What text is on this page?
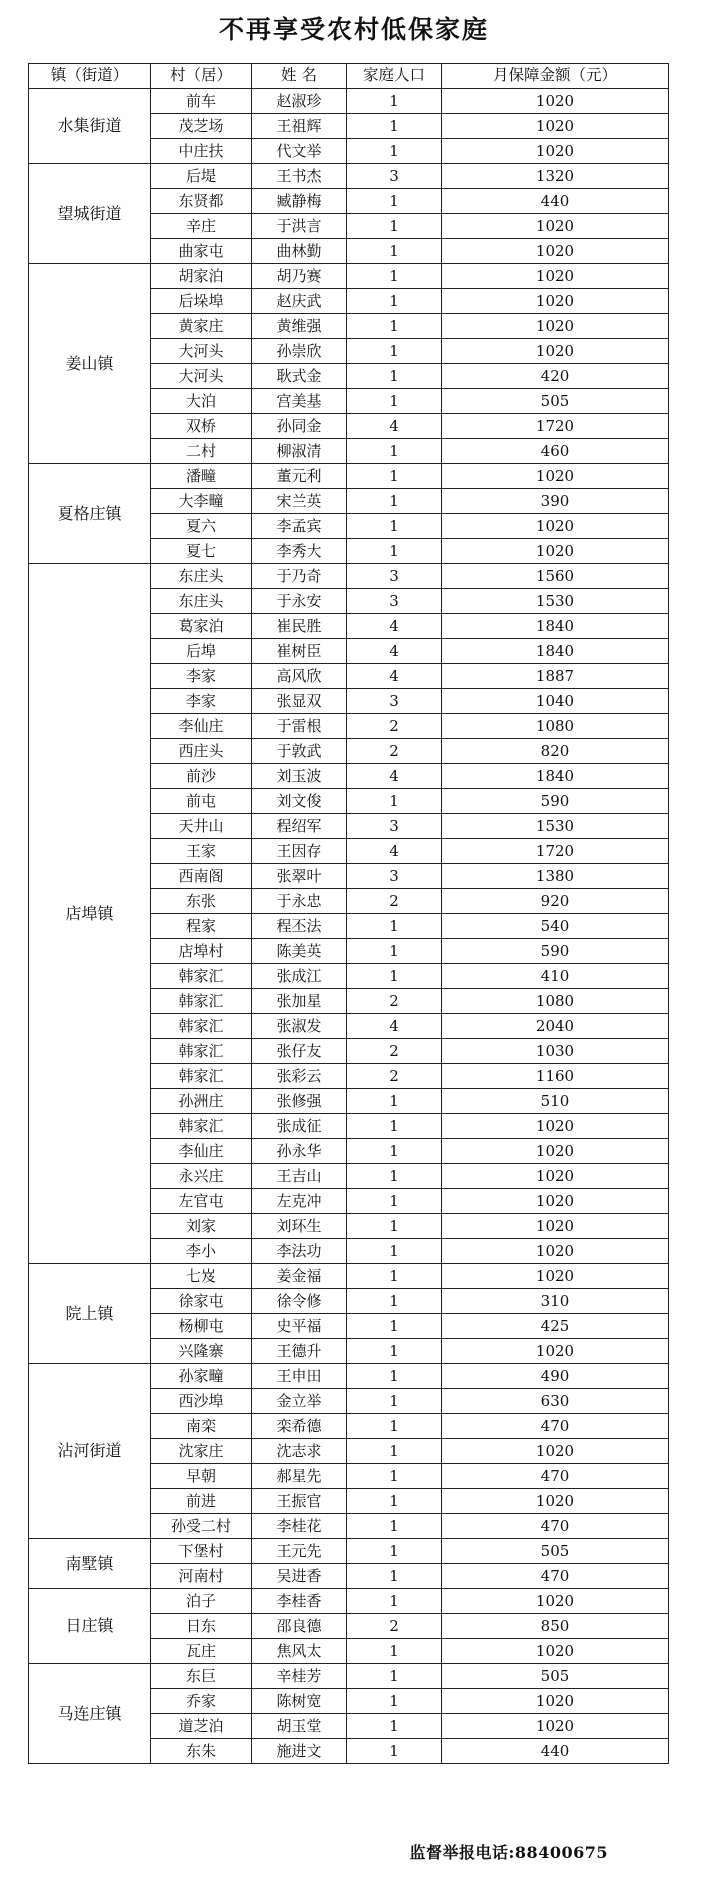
不再享受农村低保家庭
镇（街道）	村（居）	姓 名	家庭人口	月保障金额（元）
水集街道	前车	赵淑珍	1	1020
	茂芝场	王祖辉	1	1020
	中庄扶	代文举	1	1020
望城街道	后堤	王书杰	3	1320
	东贤都	臧静梅	1	440
	辛庄	于洪言	1	1020
	曲家屯	曲林勤	1	1020
姜山镇	胡家泊	胡乃赛	1	1020
	后垛埠	赵庆武	1	1020
	黄家庄	黄维强	1	1020
	大河头	孙崇欣	1	1020
	大河头	耿式金	1	420
	大泊	宫美基	1	505
	双桥	孙同金	4	1720
	二村	柳淑清	1	460
夏格庄镇	潘疃	董元利	1	1020
	大李疃	宋兰英	1	390
	夏六	李孟宾	1	1020
	夏七	李秀大	1	1020
店埠镇	东庄头	于乃奇	3	1560
	东庄头	于永安	3	1530
	葛家泊	崔民胜	4	1840
	后埠	崔树臣	4	1840
	李家	高风欣	4	1887
	李家	张显双	3	1040
	李仙庄	于雷根	2	1080
	西庄头	于敦武	2	820
	前沙	刘玉波	4	1840
	前屯	刘文俊	1	590
	天井山	程绍军	3	1530
	王家	王因存	4	1720
	西南阁	张翠叶	3	1380
	东张	于永忠	2	920
	程家	程丕法	1	540
	店埠村	陈美英	1	590
	韩家汇	张成江	1	410
	韩家汇	张加星	2	1080
	韩家汇	张淑发	4	2040
	韩家汇	张仔友	2	1030
	韩家汇	张彩云	2	1160
	孙洲庄	张修强	1	510
	韩家汇	张成征	1	1020
	李仙庄	孙永华	1	1020
	永兴庄	王吉山	1	1020
	左官屯	左克冲	1	1020
	刘家	刘环生	1	1020
	李小	李法功	1	1020
院上镇	七岌	姜金福	1	1020
	徐家屯	徐令修	1	310
	杨柳屯	史平福	1	425
	兴隆寨	王德升	1	1020
沾河街道	孙家疃	王申田	1	490
	西沙埠	金立举	1	630
	南栾	栾希德	1	470
	沈家庄	沈志求	1	1020
	早朝	郝星先	1	470
	前进	王振官	1	1020
	孙受二村	李桂花	1	470
南墅镇	下堡村	王元先	1	505
	河南村	吴进香	1	470
日庄镇	泊子	李桂香	1	1020
	日东	邵良德	2	850
	瓦庄	焦风太	1	1020
马连庄镇	东巨	辛桂芳	1	505
	乔家	陈树宽	1	1020
	道芝泊	胡玉堂	1	1020
	东朱	施进文	1	440
监督举报电话:88400675
